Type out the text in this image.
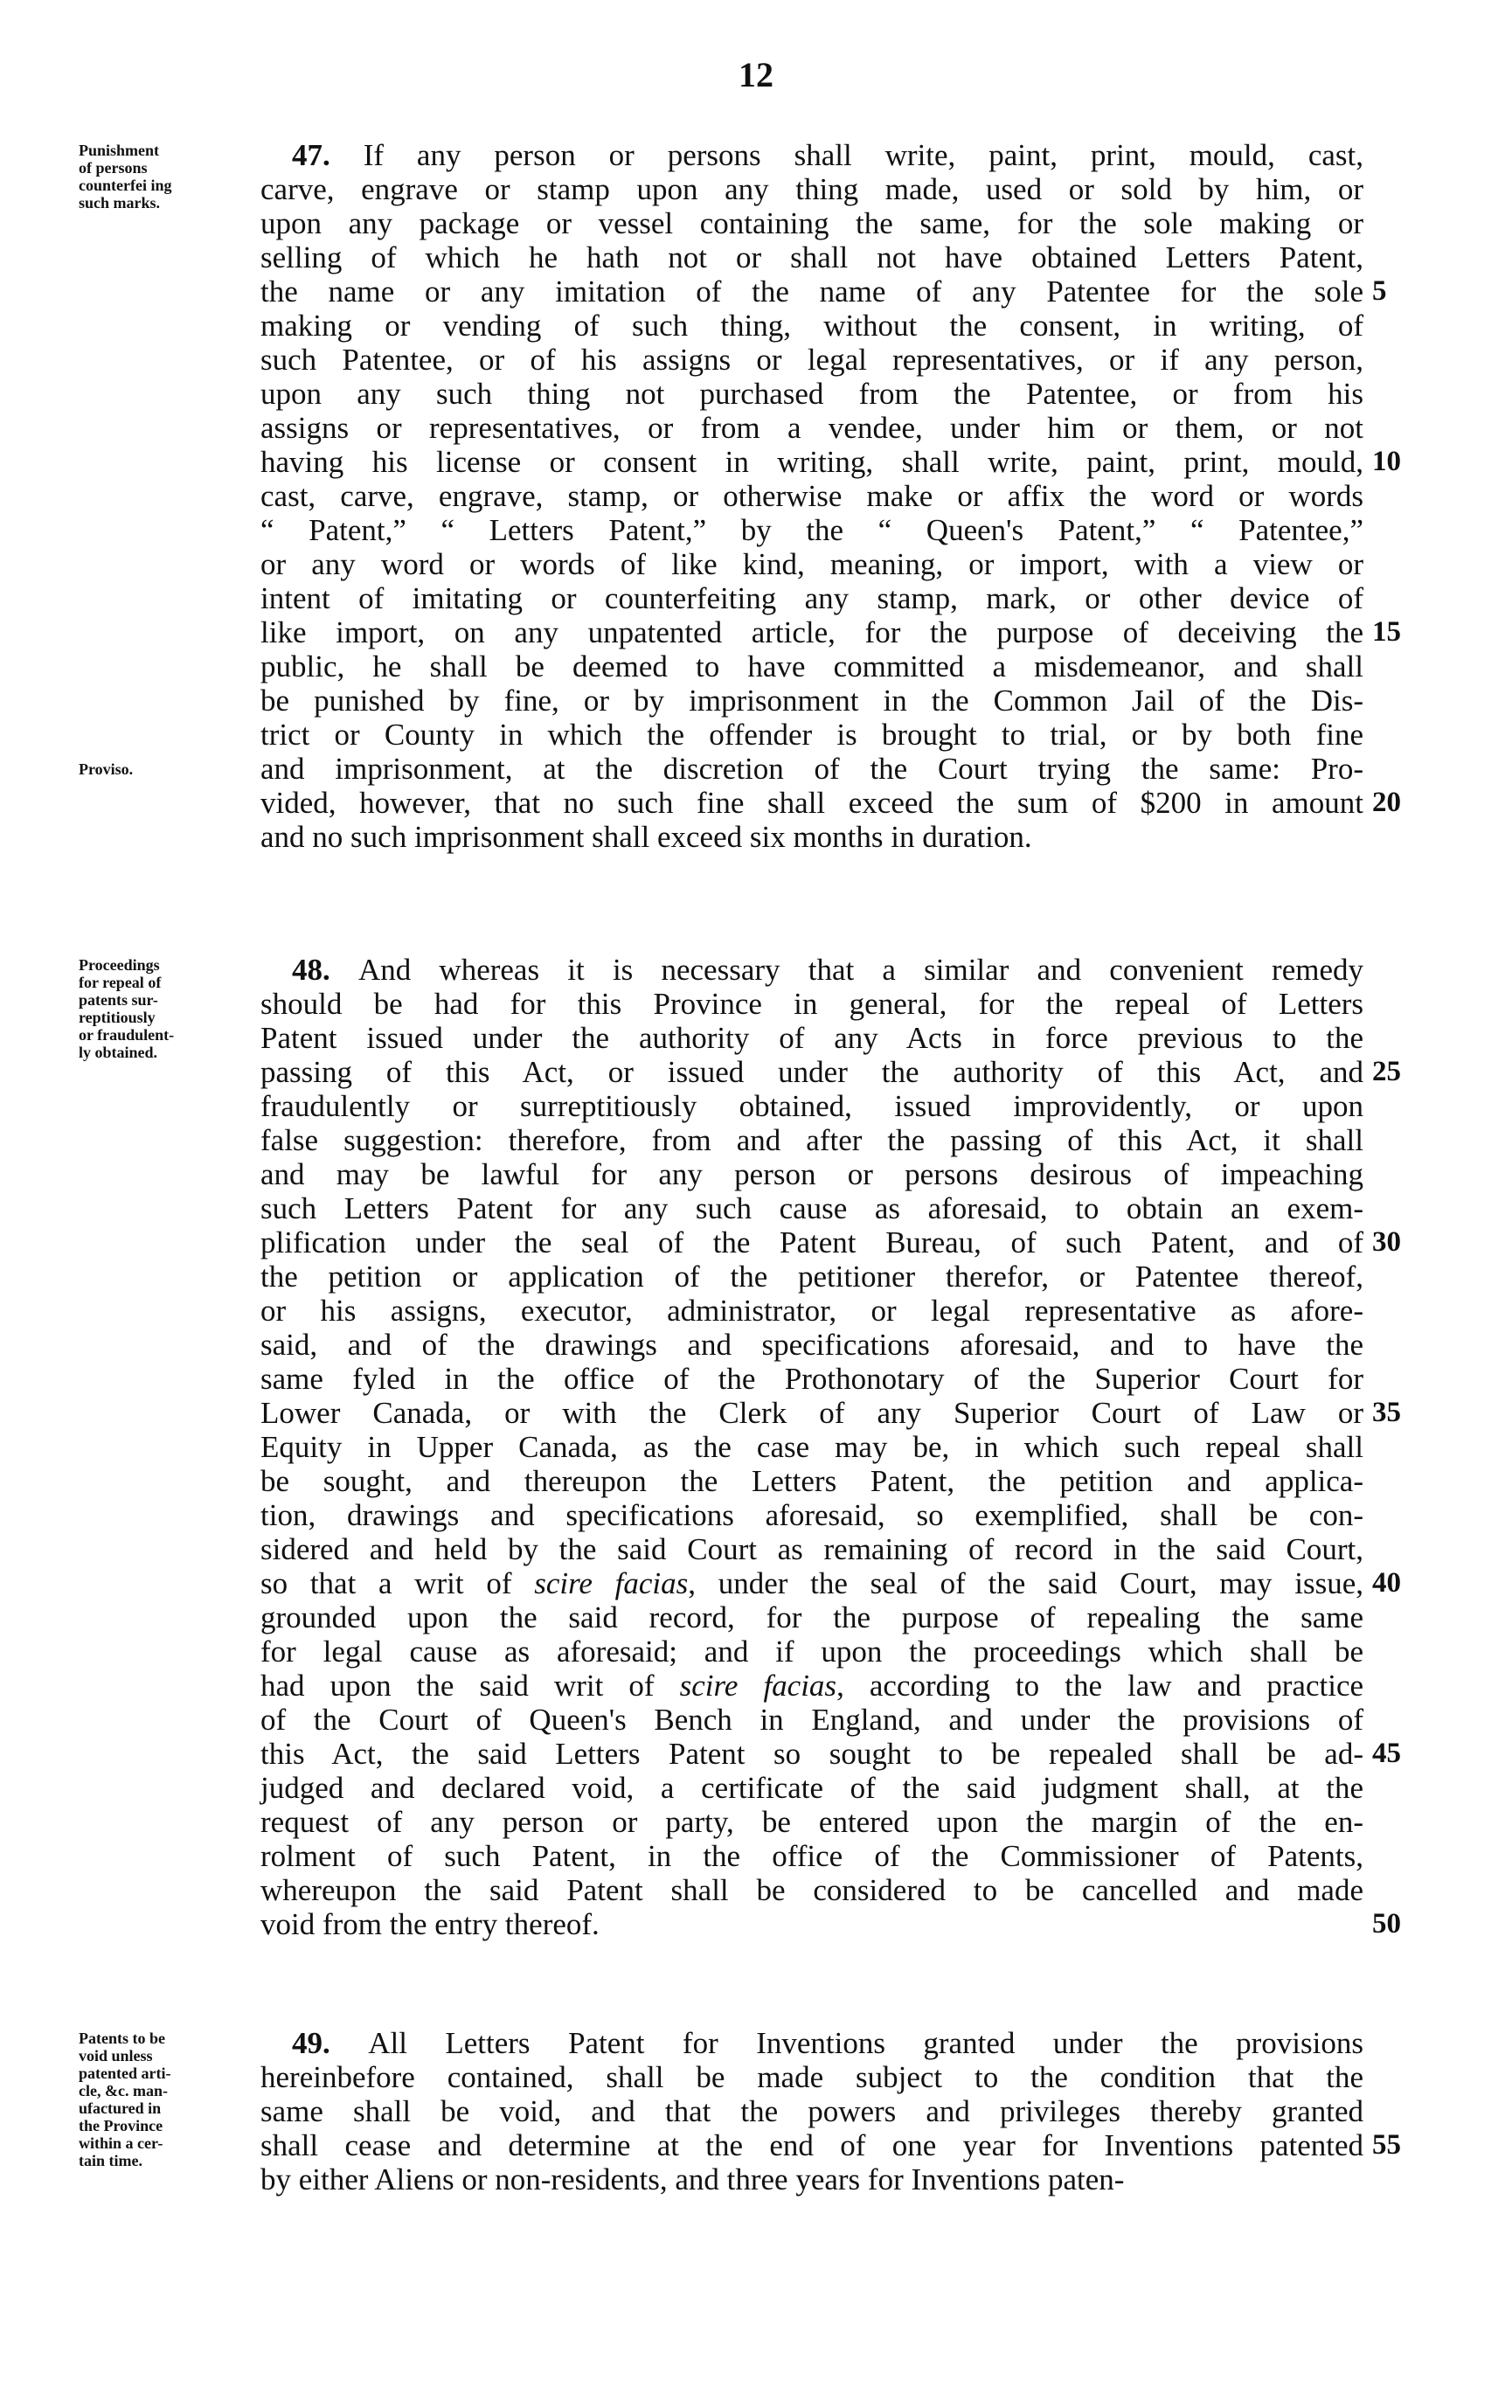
12
Punishment
of persons
counterfei ing
such marks.
47. If any person or persons shall write, paint, print, mould, cast,
carve, engrave or stamp upon any thing made, used or sold by him, or
upon any package or vessel containing the same, for the sole making or
selling of which he hath not or shall not have obtained Letters Patent,
the name or any imitation of the name of any Patentee for the sole
making or vending of such thing, without the consent, in writing, of
such Patentee, or of his assigns or legal representatives, or if any person,
upon any such thing not purchased from the Patentee, or from his
assigns or representatives, or from a vendee, under him or them, or not
having his license or consent in writing, shall write, paint, print, mould,
cast, carve, engrave, stamp, or otherwise make or affix the word or words
“ Patent,” “ Letters Patent,” by the “ Queen's Patent,” “ Patentee,”
or any word or words of like kind, meaning, or import, with a view or
intent of imitating or counterfeiting any stamp, mark, or other device of
like import, on any unpatented article, for the purpose of deceiving the
public, he shall be deemed to have committed a misdemeanor, and shall
be punished by fine, or by imprisonment in the Common Jail of the Dis-
trict or County in which the offender is brought to trial, or by both fine
and imprisonment, at the discretion of the Court trying the same: Pro-
vided, however, that no such fine shall exceed the sum of $200 in amount
and no such imprisonment shall exceed six months in duration.
5
10
15
20
Proviso.
Proceedings
for repeal of
patents sur-
reptitiously
or fraudulent-
ly obtained.
48. And whereas it is necessary that a similar and convenient remedy
should be had for this Province in general, for the repeal of Letters
Patent issued under the authority of any Acts in force previous to the
passing of this Act, or issued under the authority of this Act, and
fraudulently or surreptitiously obtained, issued improvidently, or upon
false suggestion: therefore, from and after the passing of this Act, it shall
and may be lawful for any person or persons desirous of impeaching
such Letters Patent for any such cause as aforesaid, to obtain an exem-
plification under the seal of the Patent Bureau, of such Patent, and of
the petition or application of the petitioner therefor, or Patentee thereof,
or his assigns, executor, administrator, or legal representative as afore-
said, and of the drawings and specifications aforesaid, and to have the
same fyled in the office of the Prothonotary of the Superior Court for
Lower Canada, or with the Clerk of any Superior Court of Law or
Equity in Upper Canada, as the case may be, in which such repeal shall
be sought, and thereupon the Letters Patent, the petition and applica-
tion, drawings and specifications aforesaid, so exemplified, shall be con-
sidered and held by the said Court as remaining of record in the said Court,
so that a writ of scire facias, under the seal of the said Court, may issue,
grounded upon the said record, for the purpose of repealing the same
for legal cause as aforesaid; and if upon the proceedings which shall be
had upon the said writ of scire facias, according to the law and practice
of the Court of Queen's Bench in England, and under the provisions of
this Act, the said Letters Patent so sought to be repealed shall be ad-
judged and declared void, a certificate of the said judgment shall, at the
request of any person or party, be entered upon the margin of the en-
rolment of such Patent, in the office of the Commissioner of Patents,
whereupon the said Patent shall be considered to be cancelled and made
void from the entry thereof.
25
30
35
40
45
50
Patents to be
void unless
patented arti-
cle, &c. man-
ufactured in
the Province
within a cer-
tain time.
49. All Letters Patent for Inventions granted under the provisions
hereinbefore contained, shall be made subject to the condition that the
same shall be void, and that the powers and privileges thereby granted
shall cease and determine at the end of one year for Inventions patented
by either Aliens or non-residents, and three years for Inventions paten-
55
